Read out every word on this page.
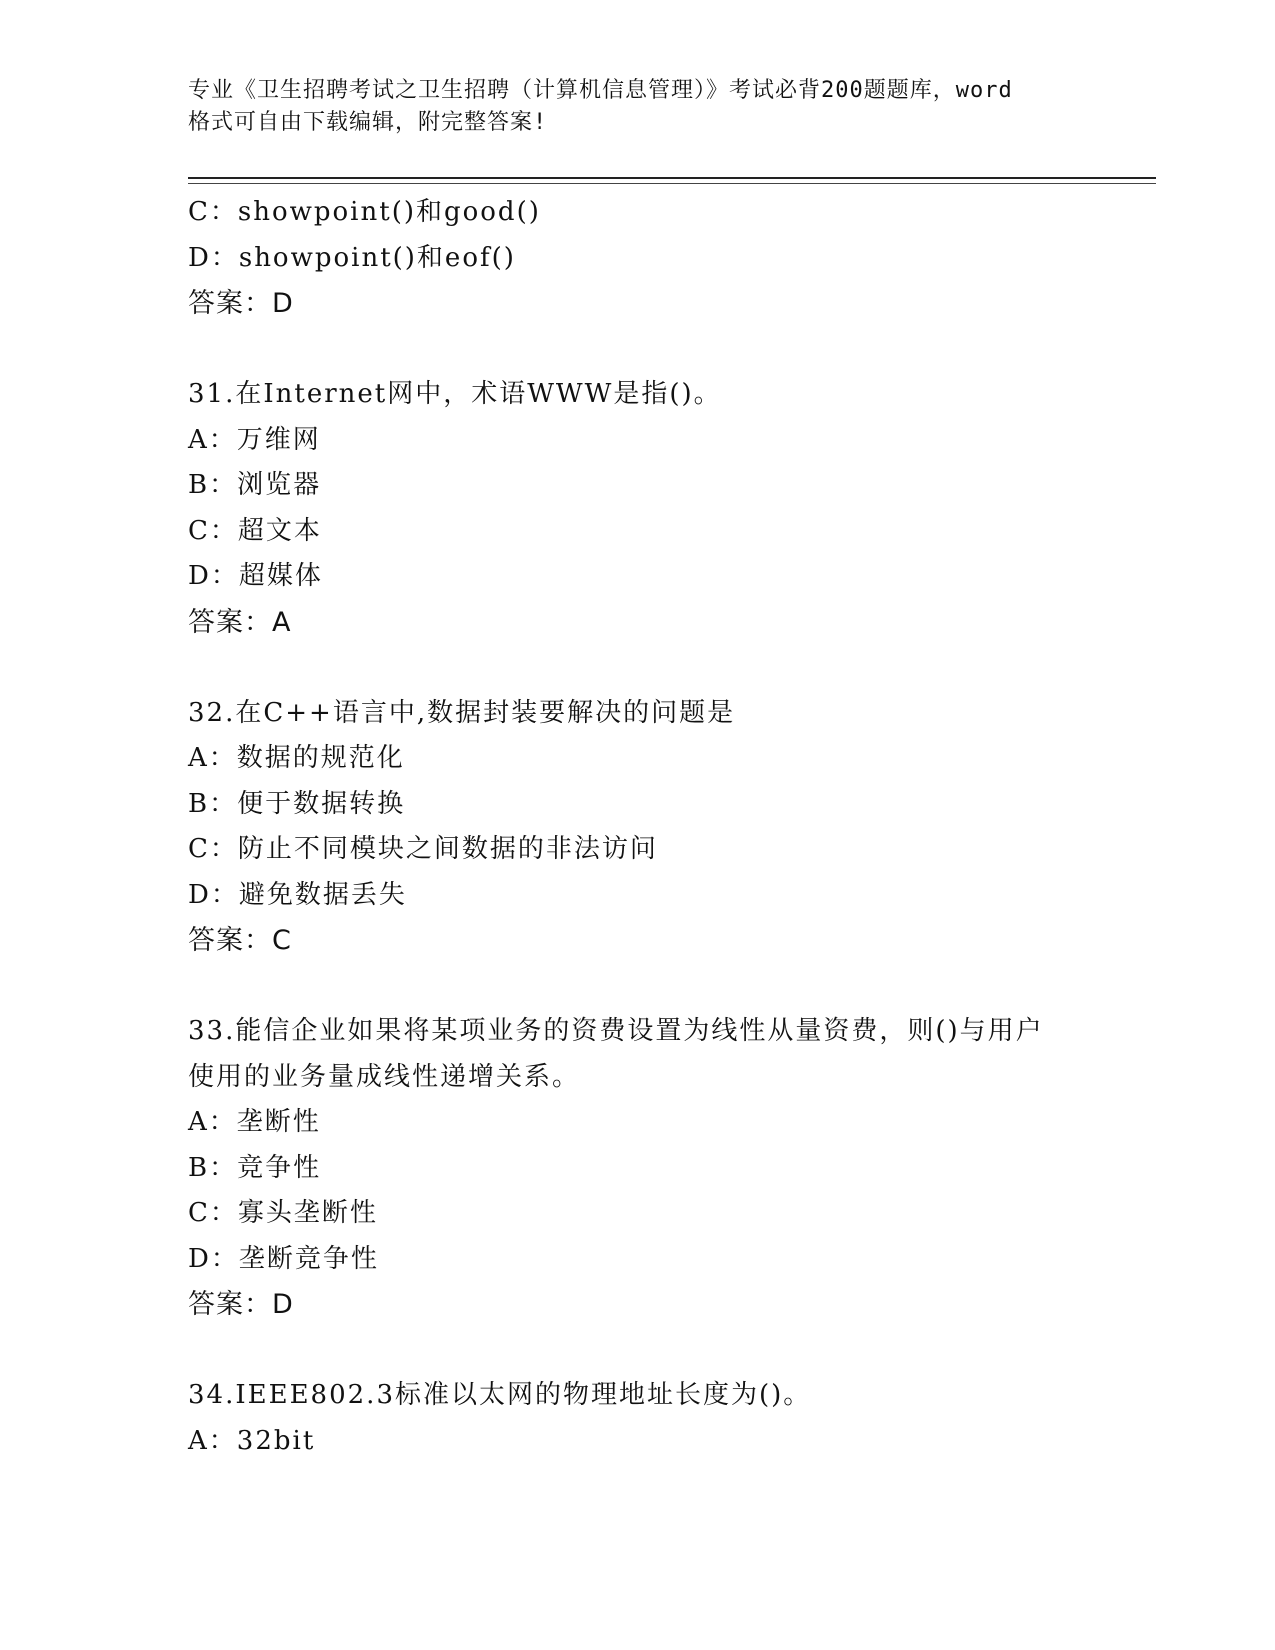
专业《卫生招聘考试之卫生招聘（计算机信息管理）》考试必背200题题库，word
格式可自由下载编辑，附完整答案!
C：showpoint()和good()
D：showpoint()和eof()
答案：D
31.在Internet网中，术语WWW是指()。
A：万维网
B：浏览器
C：超文本
D：超媒体
答案：A
32.在C++语言中,数据封装要解决的问题是
A：数据的规范化
B：便于数据转换
C：防止不同模块之间数据的非法访问
D：避免数据丢失
答案：C
33.能信企业如果将某项业务的资费设置为线性从量资费，则()与用户
使用的业务量成线性递增关系。
A：垄断性
B：竞争性
C：寡头垄断性
D：垄断竞争性
答案：D
34.IEEE802.3标准以太网的物理地址长度为()。
A：32bit
